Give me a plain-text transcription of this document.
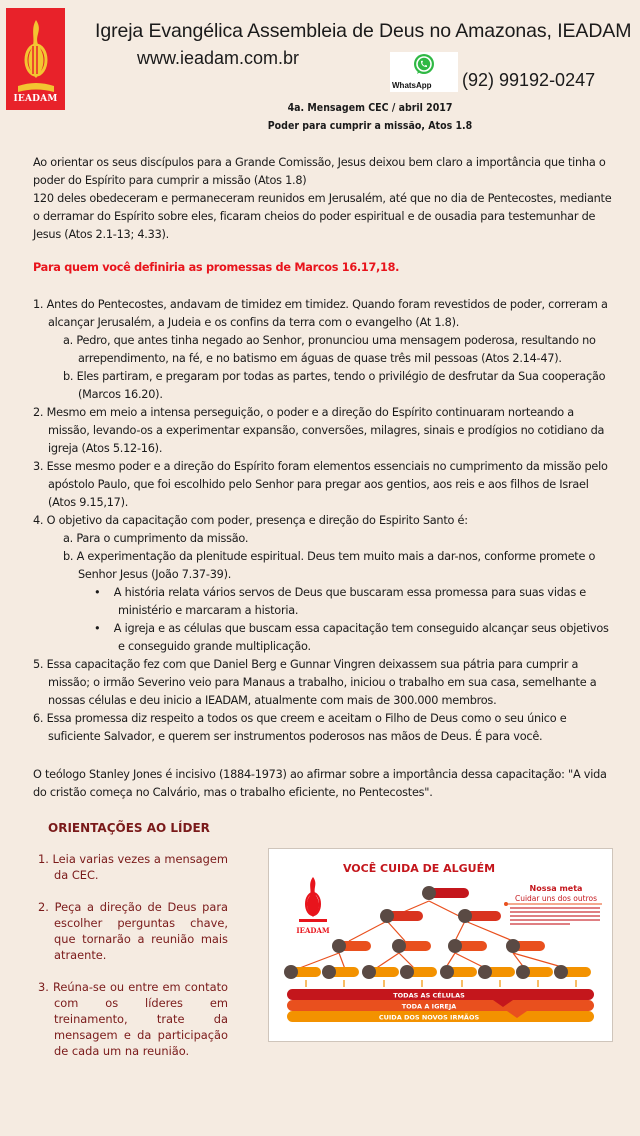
IEADAM
Igreja Evangélica Assembleia de Deus no Amazonas, IEADAM
www.ieadam.com.br
WhatsApp (92) 99192-0247
4a. Mensagem CEC / abril 2017
Poder para cumprir a missão, Atos 1.8
Ao orientar os seus discípulos para a Grande Comissão, Jesus deixou bem claro a importância que tinha o poder do Espírito para cumprir a missão (Atos 1.8)
120 deles obedeceram e permaneceram reunidos em Jerusalém, até que no dia de Pentecostes, mediante o derramar do Espírito sobre eles, ficaram cheios do poder espiritual e de ousadia para testemunhar de Jesus (Atos 2.1-13; 4.33).
Para quem você definiria as promessas de Marcos 16.17,18.
1. Antes do Pentecostes, andavam de timidez em timidez. Quando foram revestidos de poder, correram a alcançar Jerusalém, a Judeia e os confins da terra com o evangelho (At 1.8).
a. Pedro, que antes tinha negado ao Senhor, pronunciou uma mensagem poderosa, resultando no arrependimento, na fé, e no batismo em águas de quase três mil pessoas (Atos 2.14-47).
b. Eles partiram, e pregaram por todas as partes, tendo o privilégio de desfrutar da Sua cooperação (Marcos 16.20).
2. Mesmo em meio a intensa perseguição, o poder e a direção do Espírito continuaram norteando a missão, levando-os a experimentar expansão, conversões, milagres, sinais e prodígios no cotidiano da igreja (Atos 5.12-16).
3. Esse mesmo poder e a direção do Espírito foram elementos essenciais no cumprimento da missão pelo apóstolo Paulo, que foi escolhido pelo Senhor para pregar aos gentios, aos reis e aos filhos de Israel (Atos 9.15,17).
4. O objetivo da capacitação com poder, presença e direção do Espirito Santo é:
a. Para o cumprimento da missão.
b. A experimentação da plenitude espiritual. Deus tem muito mais a dar-nos, conforme promete o Senhor Jesus (João 7.37-39).
• A história relata vários servos de Deus que buscaram essa promessa para suas vidas e ministério e marcaram a historia.
• A igreja e as células que buscam essa capacitação tem conseguido alcançar seus objetivos e conseguido grande multiplicação.
5. Essa capacitação fez com que Daniel Berg e Gunnar Vingren deixassem sua pátria para cumprir a missão; o irmão Severino veio para Manaus a trabalho, iniciou o trabalho em sua casa, semelhante a nossas células e deu inicio a IEADAM, atualmente com mais de 300.000 membros.
6. Essa promessa diz respeito a todos os que creem e aceitam o Filho de Deus como o seu único e suficiente Salvador, e querem ser instrumentos poderosos nas mãos de Deus. É para você.
O teólogo Stanley Jones é incisivo (1884-1973) ao afirmar sobre a importância dessa capacitação: "A vida do cristão começa no Calvário, mas o trabalho eficiente, no Pentecostes".
ORIENTAÇÕES AO LÍDER
1. Leia varias vezes a mensagem da CEC.
2. Peça a direção de Deus para escolher perguntas chave, que tornarão a reunião mais atraente.
3. Reúna-se ou entre em contato com os líderes em treinamento, trate da mensagem e da participação de cada um na reunião.
VOCÊ CUIDA DE ALGUÉM
IEADAM
Nossa meta
Cuidar uns dos outros
TODAS AS CÉLULAS
TODA A IGREJA
CUIDA DOS NOVOS IRMÃOS
